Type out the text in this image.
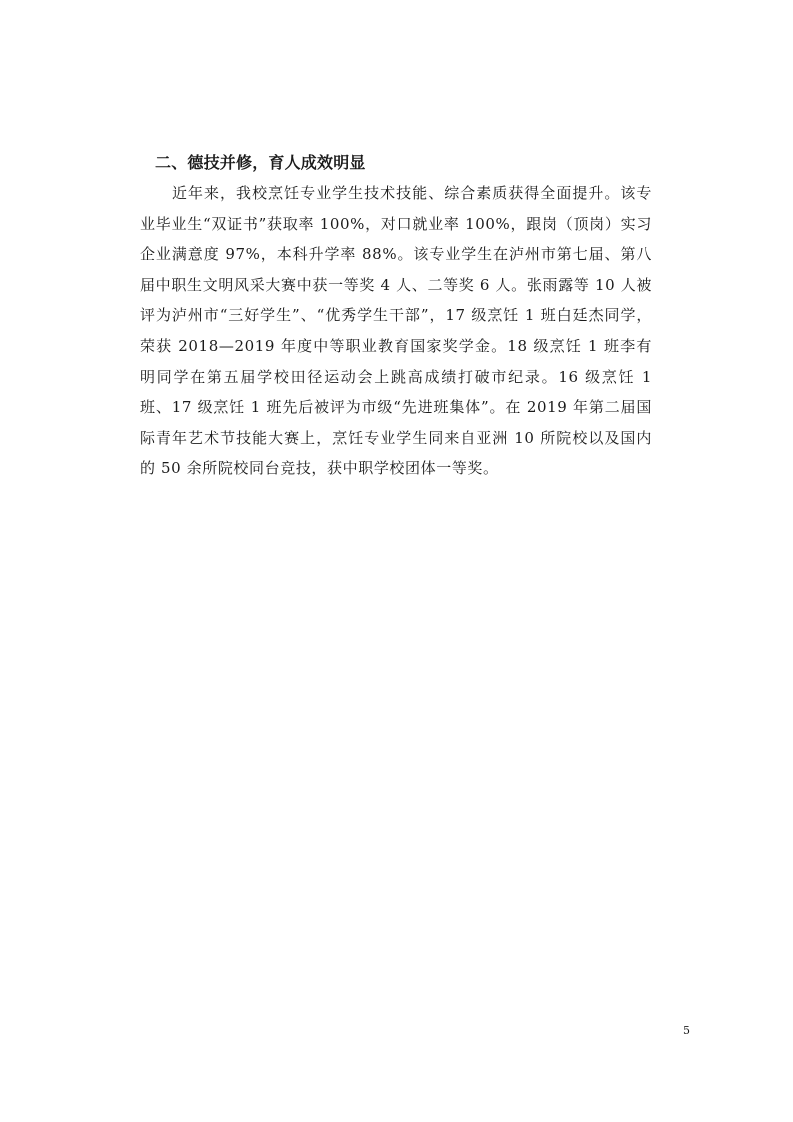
二、德技并修，育人成效明显

近年来，我校烹饪专业学生技术技能、综合素质获得全面提升。该专业毕业生“双证书”获取率 100%，对口就业率 100%，跟岗（顶岗）实习企业满意度 97%，本科升学率 88%。该专业学生在泸州市第七届、第八届中职生文明风采大赛中获一等奖 4 人、二等奖 6 人。张雨露等 10 人被评为泸州市“三好学生”、“优秀学生干部”，17 级烹饪 1 班白廷杰同学，荣获 2018—2019 年度中等职业教育国家奖学金。18 级烹饪 1 班李有明同学在第五届学校田径运动会上跳高成绩打破市纪录。16 级烹饪 1 班、17 级烹饪 1 班先后被评为市级“先进班集体”。在 2019 年第二届国际青年艺术节技能大赛上，烹饪专业学生同来自亚洲 10 所院校以及国内的 50 余所院校同台竞技，获中职学校团体一等奖。

5
